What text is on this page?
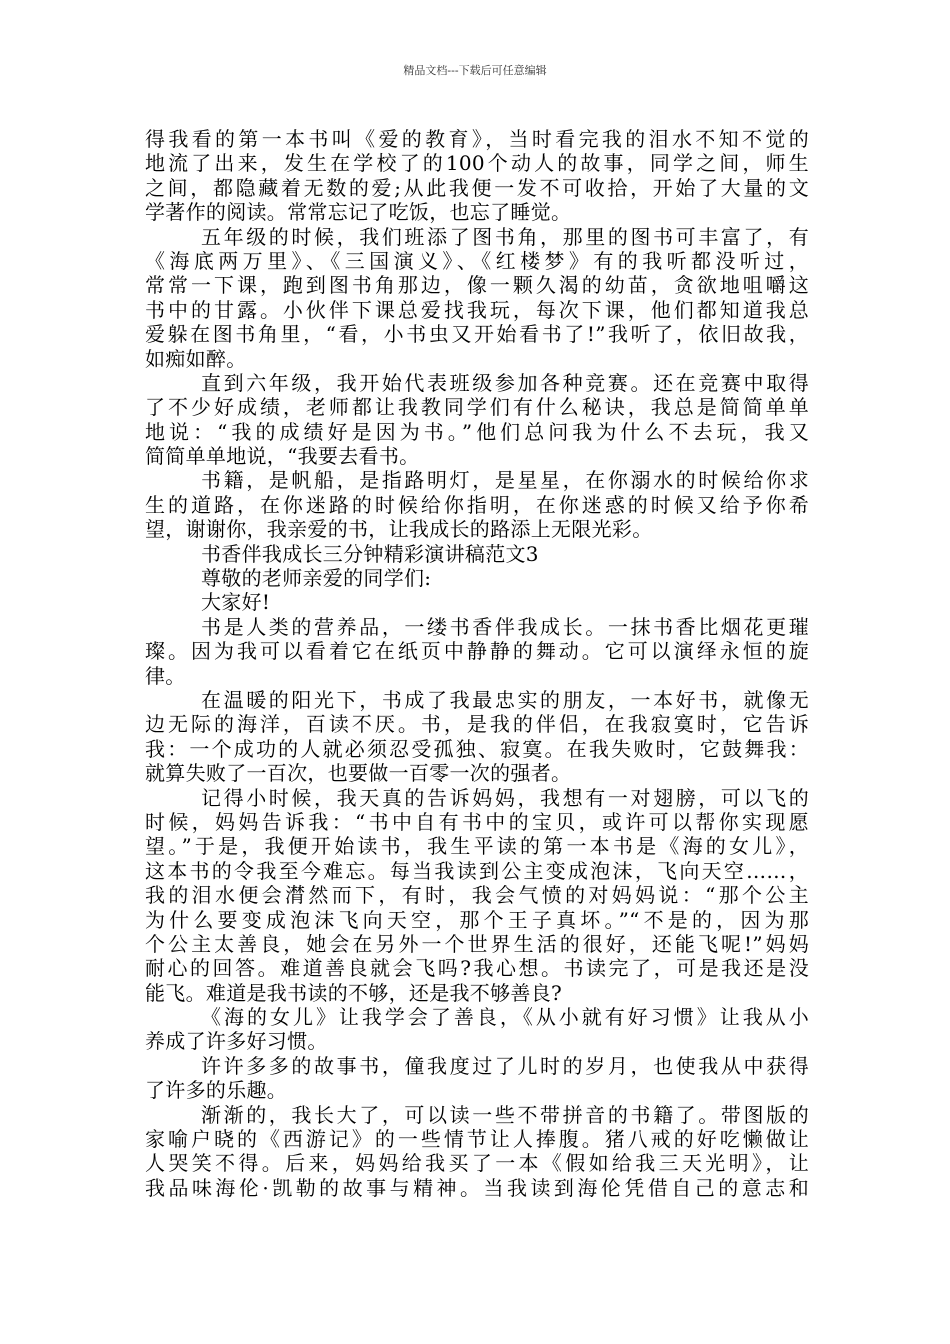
精品文档---下载后可任意编辑
得我看的第一本书叫《爱的教育》，当时看完我的泪水不知不觉的
地流了出来，发生在学校了的100个动人的故事，同学之间，师生
之间，都隐藏着无数的爱;从此我便一发不可收拾，开始了大量的文
学著作的阅读。常常忘记了吃饭，也忘了睡觉。
五年级的时候，我们班添了图书角，那里的图书可丰富了，有
《海底两万里》、《三国演义》、《红楼梦》有的我听都没听过，
常常一下课，跑到图书角那边，像一颗久渴的幼苗，贪欲地咀嚼这
书中的甘露。小伙伴下课总爱找我玩，每次下课，他们都知道我总
爱躲在图书角里，“看，小书虫又开始看书了!”我听了，依旧故我，
如痴如醉。
直到六年级，我开始代表班级参加各种竞赛。还在竞赛中取得
了不少好成绩，老师都让我教同学们有什么秘诀，我总是简简单单
地说：“我的成绩好是因为书。”他们总问我为什么不去玩，我又
简简单单地说，“我要去看书。
书籍，是帆船，是指路明灯，是星星，在你溺水的时候给你求
生的道路，在你迷路的时候给你指明，在你迷惑的时候又给予你希
望，谢谢你，我亲爱的书，让我成长的路添上无限光彩。
书香伴我成长三分钟精彩演讲稿范文3
尊敬的老师亲爱的同学们:
大家好!
书是人类的营养品，一缕书香伴我成长。一抹书香比烟花更璀
璨。因为我可以看着它在纸页中静静的舞动。它可以演绎永恒的旋
律。
在温暖的阳光下，书成了我最忠实的朋友，一本好书，就像无
边无际的海洋，百读不厌。书，是我的伴侣，在我寂寞时，它告诉
我：一个成功的人就必须忍受孤独、寂寞。在我失败时，它鼓舞我：
就算失败了一百次，也要做一百零一次的强者。
记得小时候，我天真的告诉妈妈，我想有一对翅膀，可以飞的
时候，妈妈告诉我：“书中自有书中的宝贝，或许可以帮你实现愿
望。”于是，我便开始读书，我生平读的第一本书是《海的女儿》，
这本书的令我至今难忘。每当我读到公主变成泡沫，飞向天空……，
我的泪水便会潸然而下，有时，我会气愤的对妈妈说：“那个公主
为什么要变成泡沫飞向天空，那个王子真坏。”“不是的，因为那
个公主太善良，她会在另外一个世界生活的很好，还能飞呢!”妈妈
耐心的回答。难道善良就会飞吗?我心想。书读完了，可是我还是没
能飞。难道是我书读的不够，还是我不够善良?
《海的女儿》让我学会了善良，《从小就有好习惯》让我从小
养成了许多好习惯。
许许多多的故事书，僮我度过了儿时的岁月，也使我从中获得
了许多的乐趣。
渐渐的，我长大了，可以读一些不带拼音的书籍了。带图版的
家喻户晓的《西游记》的一些情节让人捧腹。猪八戒的好吃懒做让
人哭笑不得。后来，妈妈给我买了一本《假如给我三天光明》，让
我品味海伦·凯勒的故事与精神。当我读到海伦凭借自己的意志和
